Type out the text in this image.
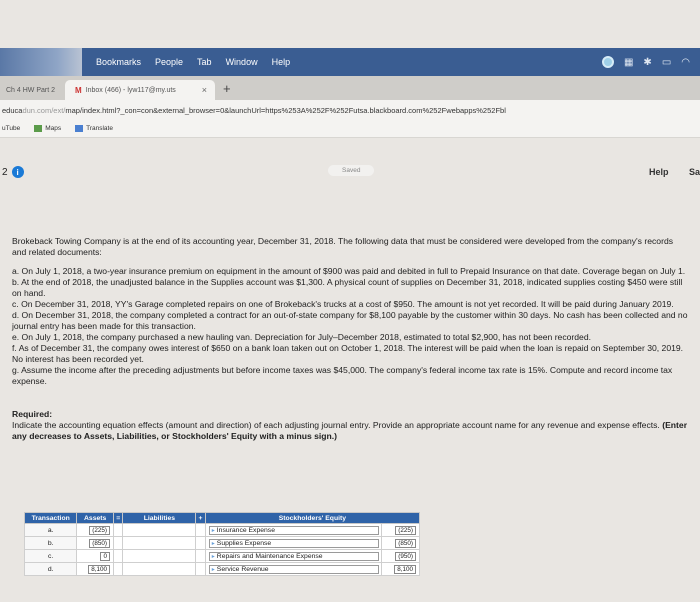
Bookmarks People Tab Window Help	▦ ✱ ▭ ◠
Ch 4 HW Part 2	M Inbox (466) - lyw117@my.uts	×	+
educa dun.com/ext/ map/index.html?_con=con&external_browser=0&launchUrl=https%253A%252F%252Futsa.blackboard.com%252Fwebapps%252Fbl
uTube	Maps	Translate
2	i	Saved	Help Sa
Brokeback Towing Company is at the end of its accounting year, December 31, 2018. The following data that must be considered were developed from the company's records and related documents:
a. On July 1, 2018, a two-year insurance premium on equipment in the amount of $900 was paid and debited in full to Prepaid Insurance on that date. Coverage began on July 1.
b. At the end of 2018, the unadjusted balance in the Supplies account was $1,300. A physical count of supplies on December 31, 2018, indicated supplies costing $450 were still on hand.
c. On December 31, 2018, YY's Garage completed repairs on one of Brokeback's trucks at a cost of $950. The amount is not yet recorded. It will be paid during January 2019.
d. On December 31, 2018, the company completed a contract for an out-of-state company for $8,100 payable by the customer within 30 days. No cash has been collected and no journal entry has been made for this transaction.
e. On July 1, 2018, the company purchased a new hauling van. Depreciation for July–December 2018, estimated to total $2,900, has not been recorded.
f. As of December 31, the company owes interest of $650 on a bank loan taken out on October 1, 2018. The interest will be paid when the loan is repaid on September 30, 2019. No interest has been recorded yet.
g. Assume the income after the preceding adjustments but before income taxes was $45,000. The company's federal income tax rate is 15%. Compute and record income tax expense.
Required:
Indicate the accounting equation effects (amount and direction) of each adjusting journal entry. Provide an appropriate account name for any revenue and expense effects. (Enter any decreases to Assets, Liabilities, or Stockholders' Equity with a minus sign.)
Transaction	Assets	=	Liabilities	+	Stockholders' Equity	
a.	(225)				▸ Insurance Expense	(225)
b.	(850)				▸ Supplies Expense	(850)
c.	0				▸ Repairs and Maintenance Expense	(950)
d.	8,100				▸ Service Revenue	8,100
